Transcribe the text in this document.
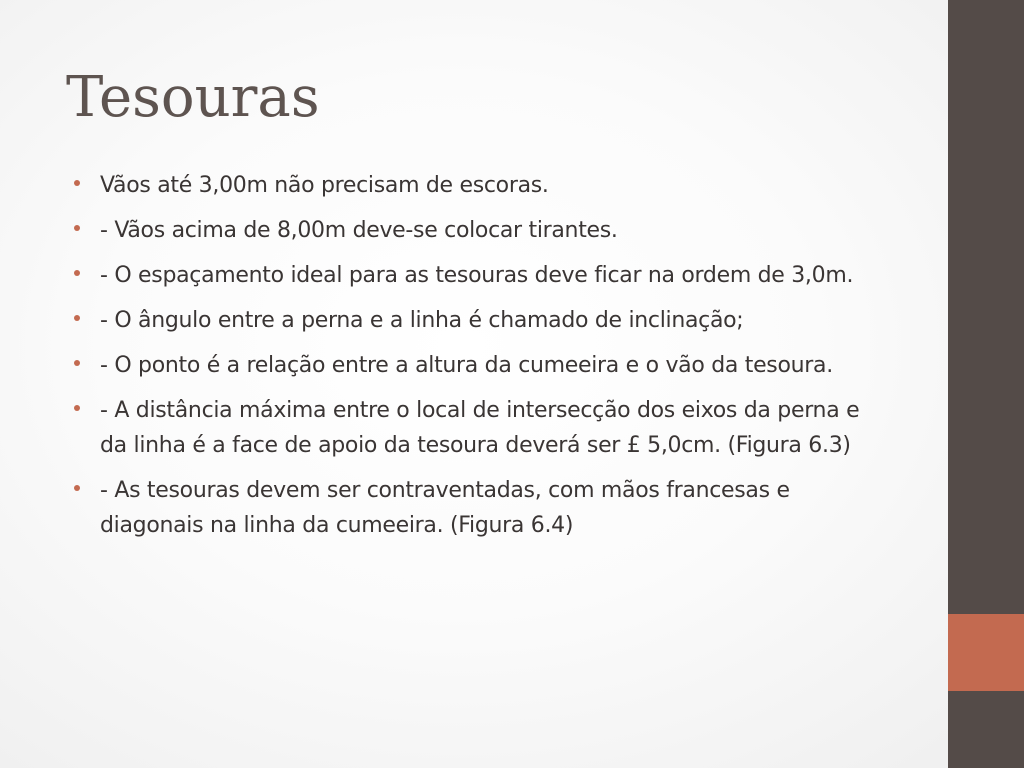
Tesouras
Vãos até 3,00m não precisam de escoras.
- Vãos acima de 8,00m deve-se colocar tirantes.
- O espaçamento ideal para as tesouras deve ficar na ordem de 3,0m.
- O ângulo entre a perna e a linha é chamado de inclinação;
- O ponto é a relação entre a altura da cumeeira e o vão da tesoura.
- A distância máxima entre o local de intersecção dos eixos da perna e da linha é a face de apoio da tesoura deverá ser £ 5,0cm. (Figura 6.3)
- As tesouras devem ser contraventadas, com mãos francesas e diagonais na linha da cumeeira. (Figura 6.4)
